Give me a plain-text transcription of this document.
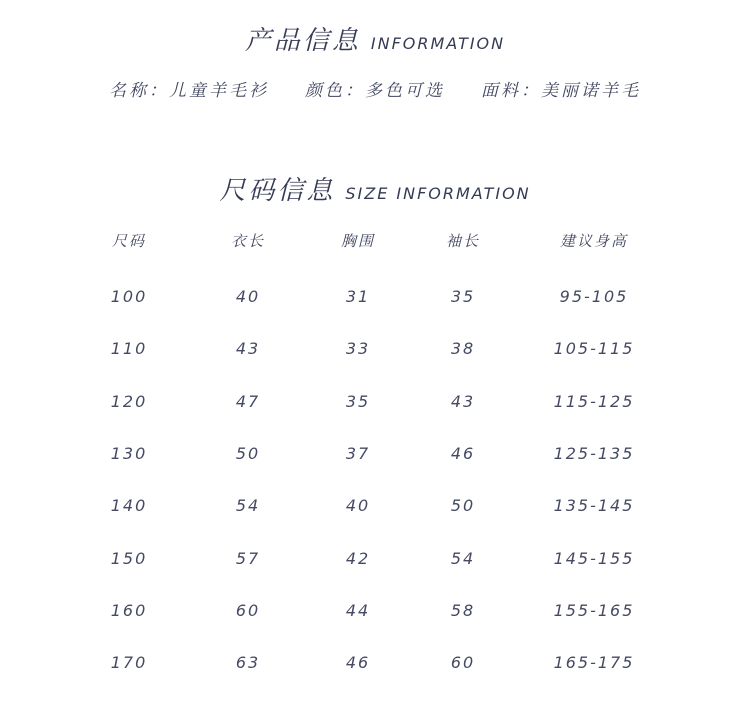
产品信息 INFORMATION
名称：儿童羊毛衫 颜色：多色可选 面料：美丽诺羊毛
尺码信息 SIZE INFORMATION
尺码	衣长	胸围	袖长	建议身高
100	40	31	35	95-105
110	43	33	38	105-115
120	47	35	43	115-125
130	50	37	46	125-135
140	54	40	50	135-145
150	57	42	54	145-155
160	60	44	58	155-165
170	63	46	60	165-175
